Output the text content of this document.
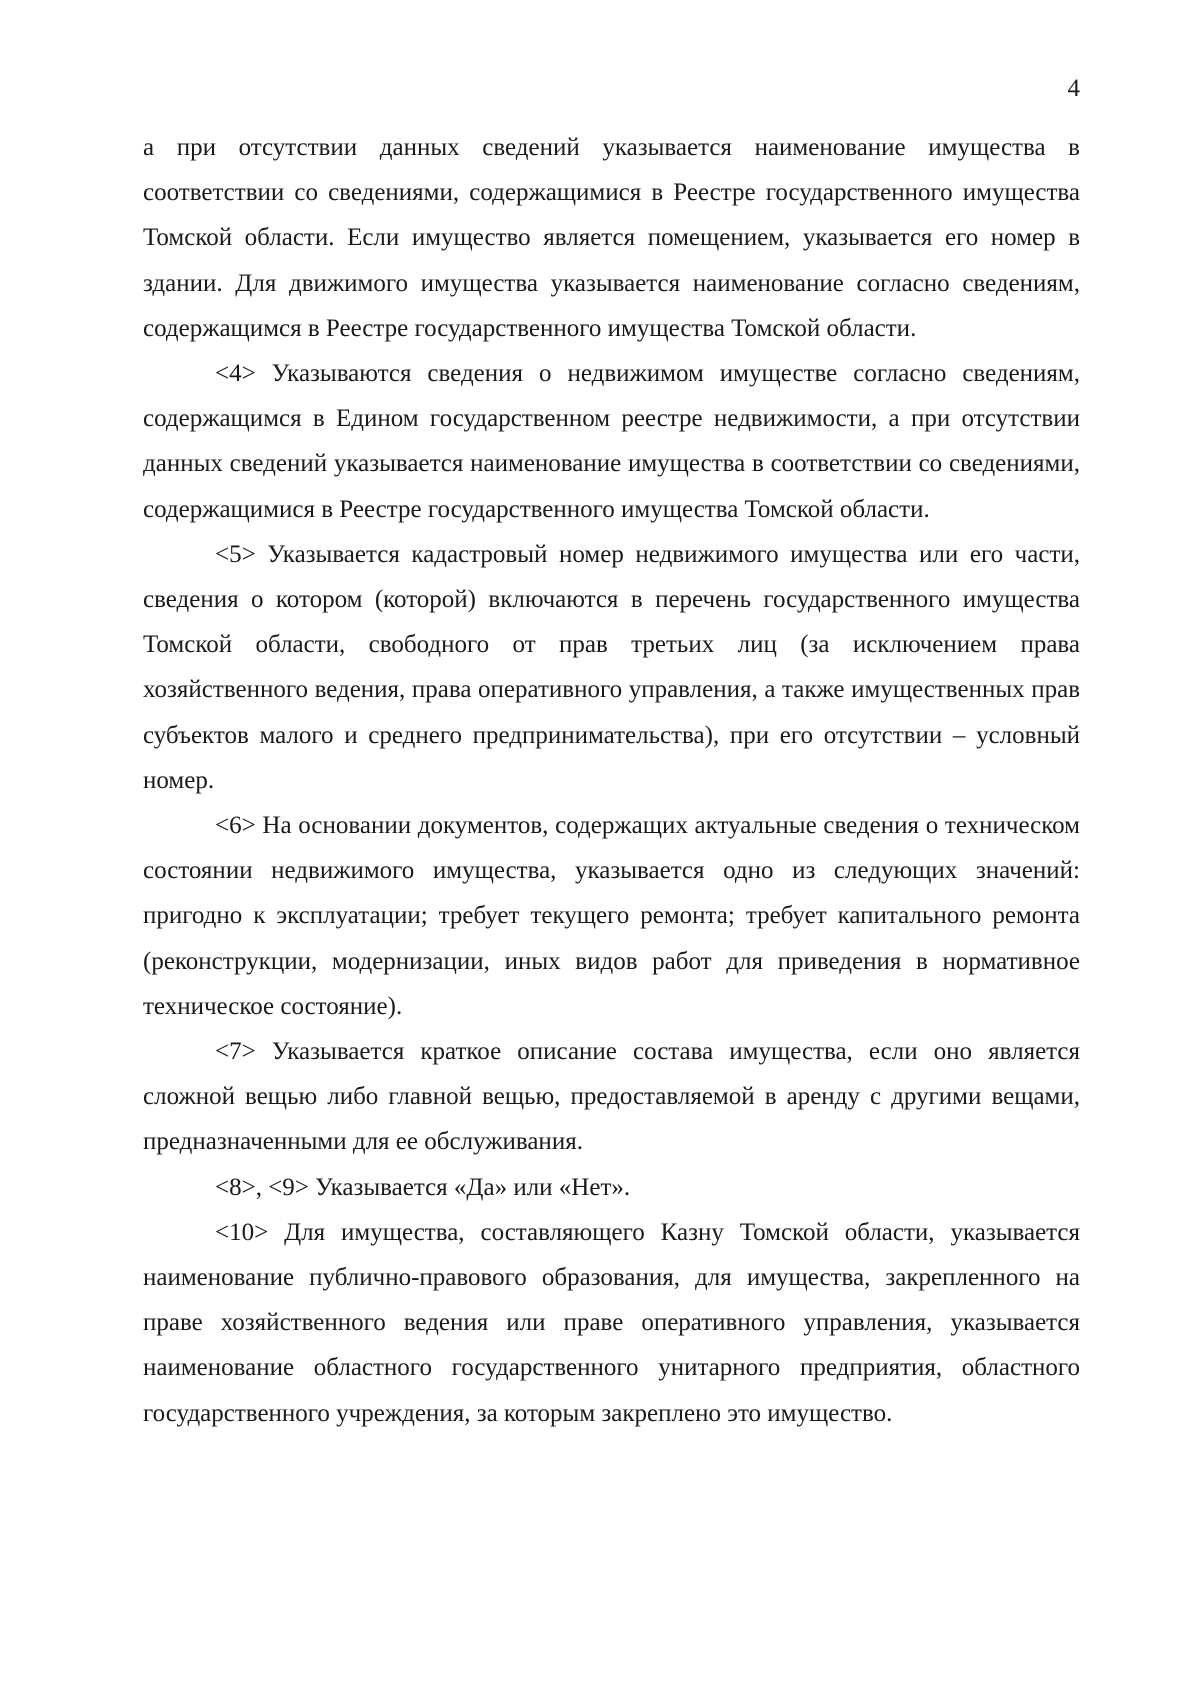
4

а при отсутствии данных сведений указывается наименование имущества в соответствии со сведениями, содержащимися в Реестре государственного имущества Томской области. Если имущество является помещением, указывается его номер в здании. Для движимого имущества указывается наименование согласно сведениям, содержащимся в Реестре государственного имущества Томской области.

<4> Указываются сведения о недвижимом имуществе согласно сведениям, содержащимся в Едином государственном реестре недвижимости, а при отсутствии данных сведений указывается наименование имущества в соответствии со сведениями, содержащимися в Реестре государственного имущества Томской области.

<5> Указывается кадастровый номер недвижимого имущества или его части, сведения о котором (которой) включаются в перечень государственного имущества Томской области, свободного от прав третьих лиц (за исключением права хозяйственного ведения, права оперативного управления, а также имущественных прав субъектов малого и среднего предпринимательства), при его отсутствии – условный номер.

<6> На основании документов, содержащих актуальные сведения о техническом состоянии недвижимого имущества, указывается одно из следующих значений: пригодно к эксплуатации; требует текущего ремонта; требует капитального ремонта (реконструкции, модернизации, иных видов работ для приведения в нормативное техническое состояние).

<7> Указывается краткое описание состава имущества, если оно является сложной вещью либо главной вещью, предоставляемой в аренду с другими вещами, предназначенными для ее обслуживания.

<8>, <9> Указывается «Да» или «Нет».

<10> Для имущества, составляющего Казну Томской области, указывается наименование публично-правового образования, для имущества, закрепленного на праве хозяйственного ведения или праве оперативного управления, указывается наименование областного государственного унитарного предприятия, областного государственного учреждения, за которым закреплено это имущество.
